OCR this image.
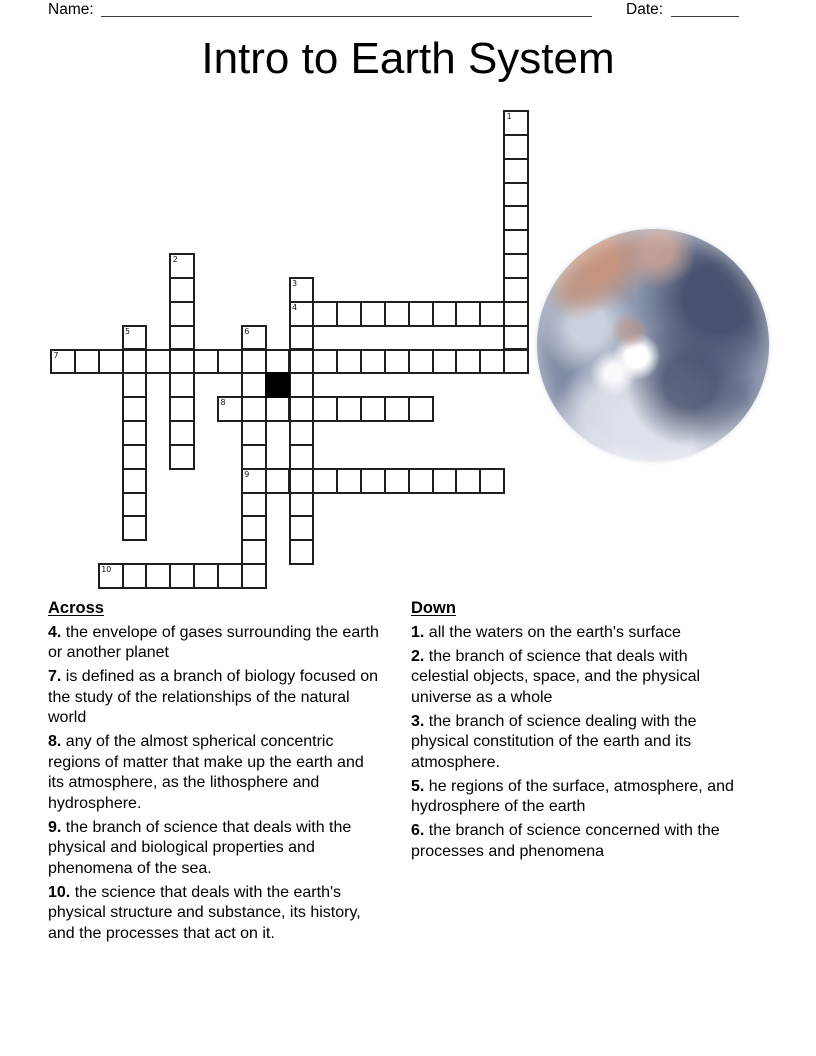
Name:	Date:
Intro to Earth System
1
2
3
4
5	6
9
7
8
10
Across
4. the envelope of gases surrounding the earth or another planet
7. is defined as a branch of biology focused on the study of the relationships of the natural world
8. any of the almost spherical concentric regions of matter that make up the earth and its atmosphere, as the lithosphere and hydrosphere.
9. the branch of science that deals with the physical and biological properties and phenomena of the sea.
10. the science that deals with the earth's physical structure and substance, its history, and the processes that act on it.
Down
1. all the waters on the earth's surface
2. the branch of science that deals with celestial objects, space, and the physical universe as a whole
3. the branch of science dealing with the physical constitution of the earth and its atmosphere.
5. he regions of the surface, atmosphere, and hydrosphere of the earth
6. the branch of science concerned with the processes and phenomena
